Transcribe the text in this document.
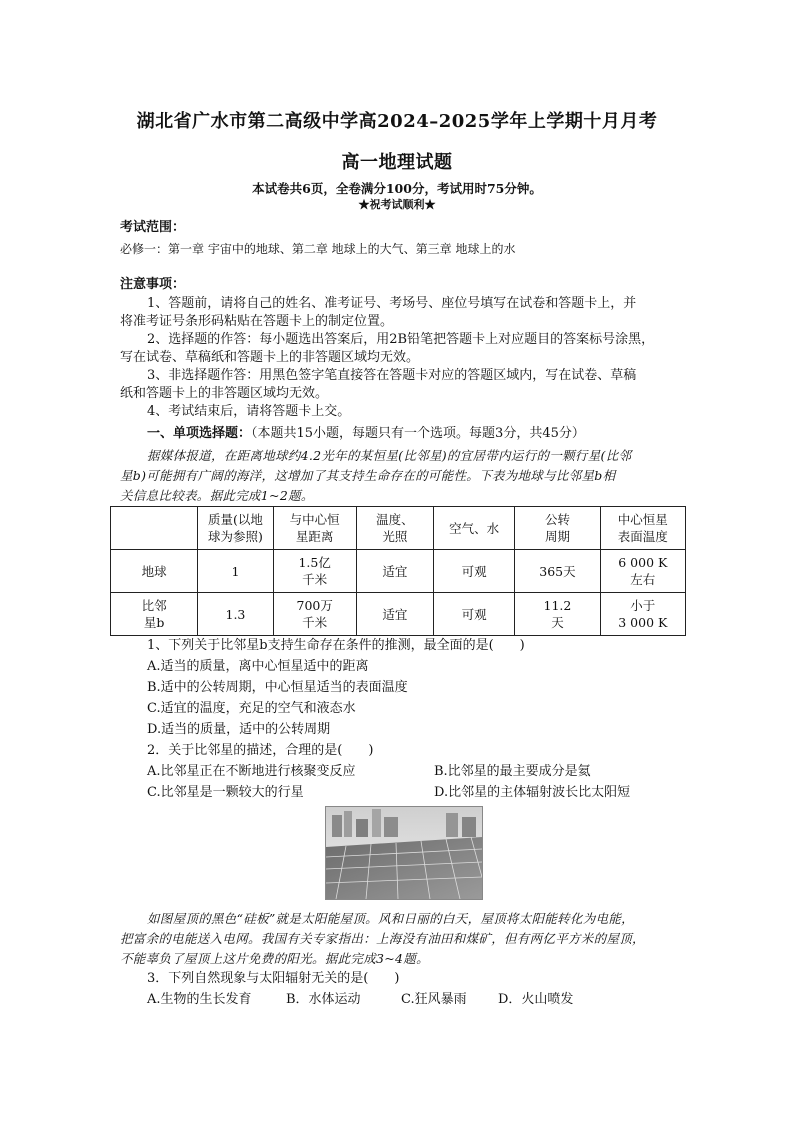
湖北省广水市第二高级中学高2024–2025学年上学期十月月考
高一地理试题
本试卷共6页，全卷满分100分，考试用时75分钟。
★祝考试顺利★
考试范围：
必修一：第一章 宇宙中的地球、第二章 地球上的大气、第三章 地球上的水
注意事项：
1、答题前，请将自己的姓名、准考证号、考场号、座位号填写在试卷和答题卡上，并
将准考证号条形码粘贴在答题卡上的制定位置。
2、选择题的作答：每小题选出答案后，用2B铅笔把答题卡上对应题目的答案标号涂黑，
写在试卷、草稿纸和答题卡上的非答题区域均无效。
3、非选择题作答：用黑色签字笔直接答在答题卡对应的答题区域内，写在试卷、草稿
纸和答题卡上的非答题区域均无效。
4、考试结束后，请将答题卡上交。
一、单项选择题：（本题共15小题，每题只有一个选项。每题3分，共45分）
据媒体报道，在距离地球约4.2光年的某恒星(比邻星)的宜居带内运行的一颗行星(比邻
星b)可能拥有广阔的海洋，这增加了其支持生命存在的可能性。下表为地球与比邻星b相
关信息比较表。据此完成1~2题。
	质量(以地
球为参照)	与中心恒
星距离	温度、
光照	空气、水	公转
周期	中心恒星
表面温度
地球	1	1.5亿
千米	适宜	可观	365天	6 000 K
左右
比邻
星b	1.3	700万
千米	适宜	可观	11.2
天	小于
3 000 K
1、下列关于比邻星b支持生命存在条件的推测，最全面的是(　　)
A.适当的质量，离中心恒星适中的距离
B.适中的公转周期，中心恒星适当的表面温度
C.适宜的温度，充足的空气和液态水
D.适当的质量，适中的公转周期
2．关于比邻星的描述，合理的是(　　)
A.比邻星正在不断地进行核聚变反应	B.比邻星的最主要成分是氦
C.比邻星是一颗较大的行星	D.比邻星的主体辐射波长比太阳短
如图屋顶的黑色“硅板”就是太阳能屋顶。风和日丽的白天，屋顶将太阳能转化为电能，
把富余的电能送入电网。我国有关专家指出：上海没有油田和煤矿，但有两亿平方米的屋顶，
不能辜负了屋顶上这片免费的阳光。据此完成3~4题。
3．下列自然现象与太阳辐射无关的是(　　)
A.生物的生长发育	B．水体运动	C.狂风暴雨 D．火山喷发
